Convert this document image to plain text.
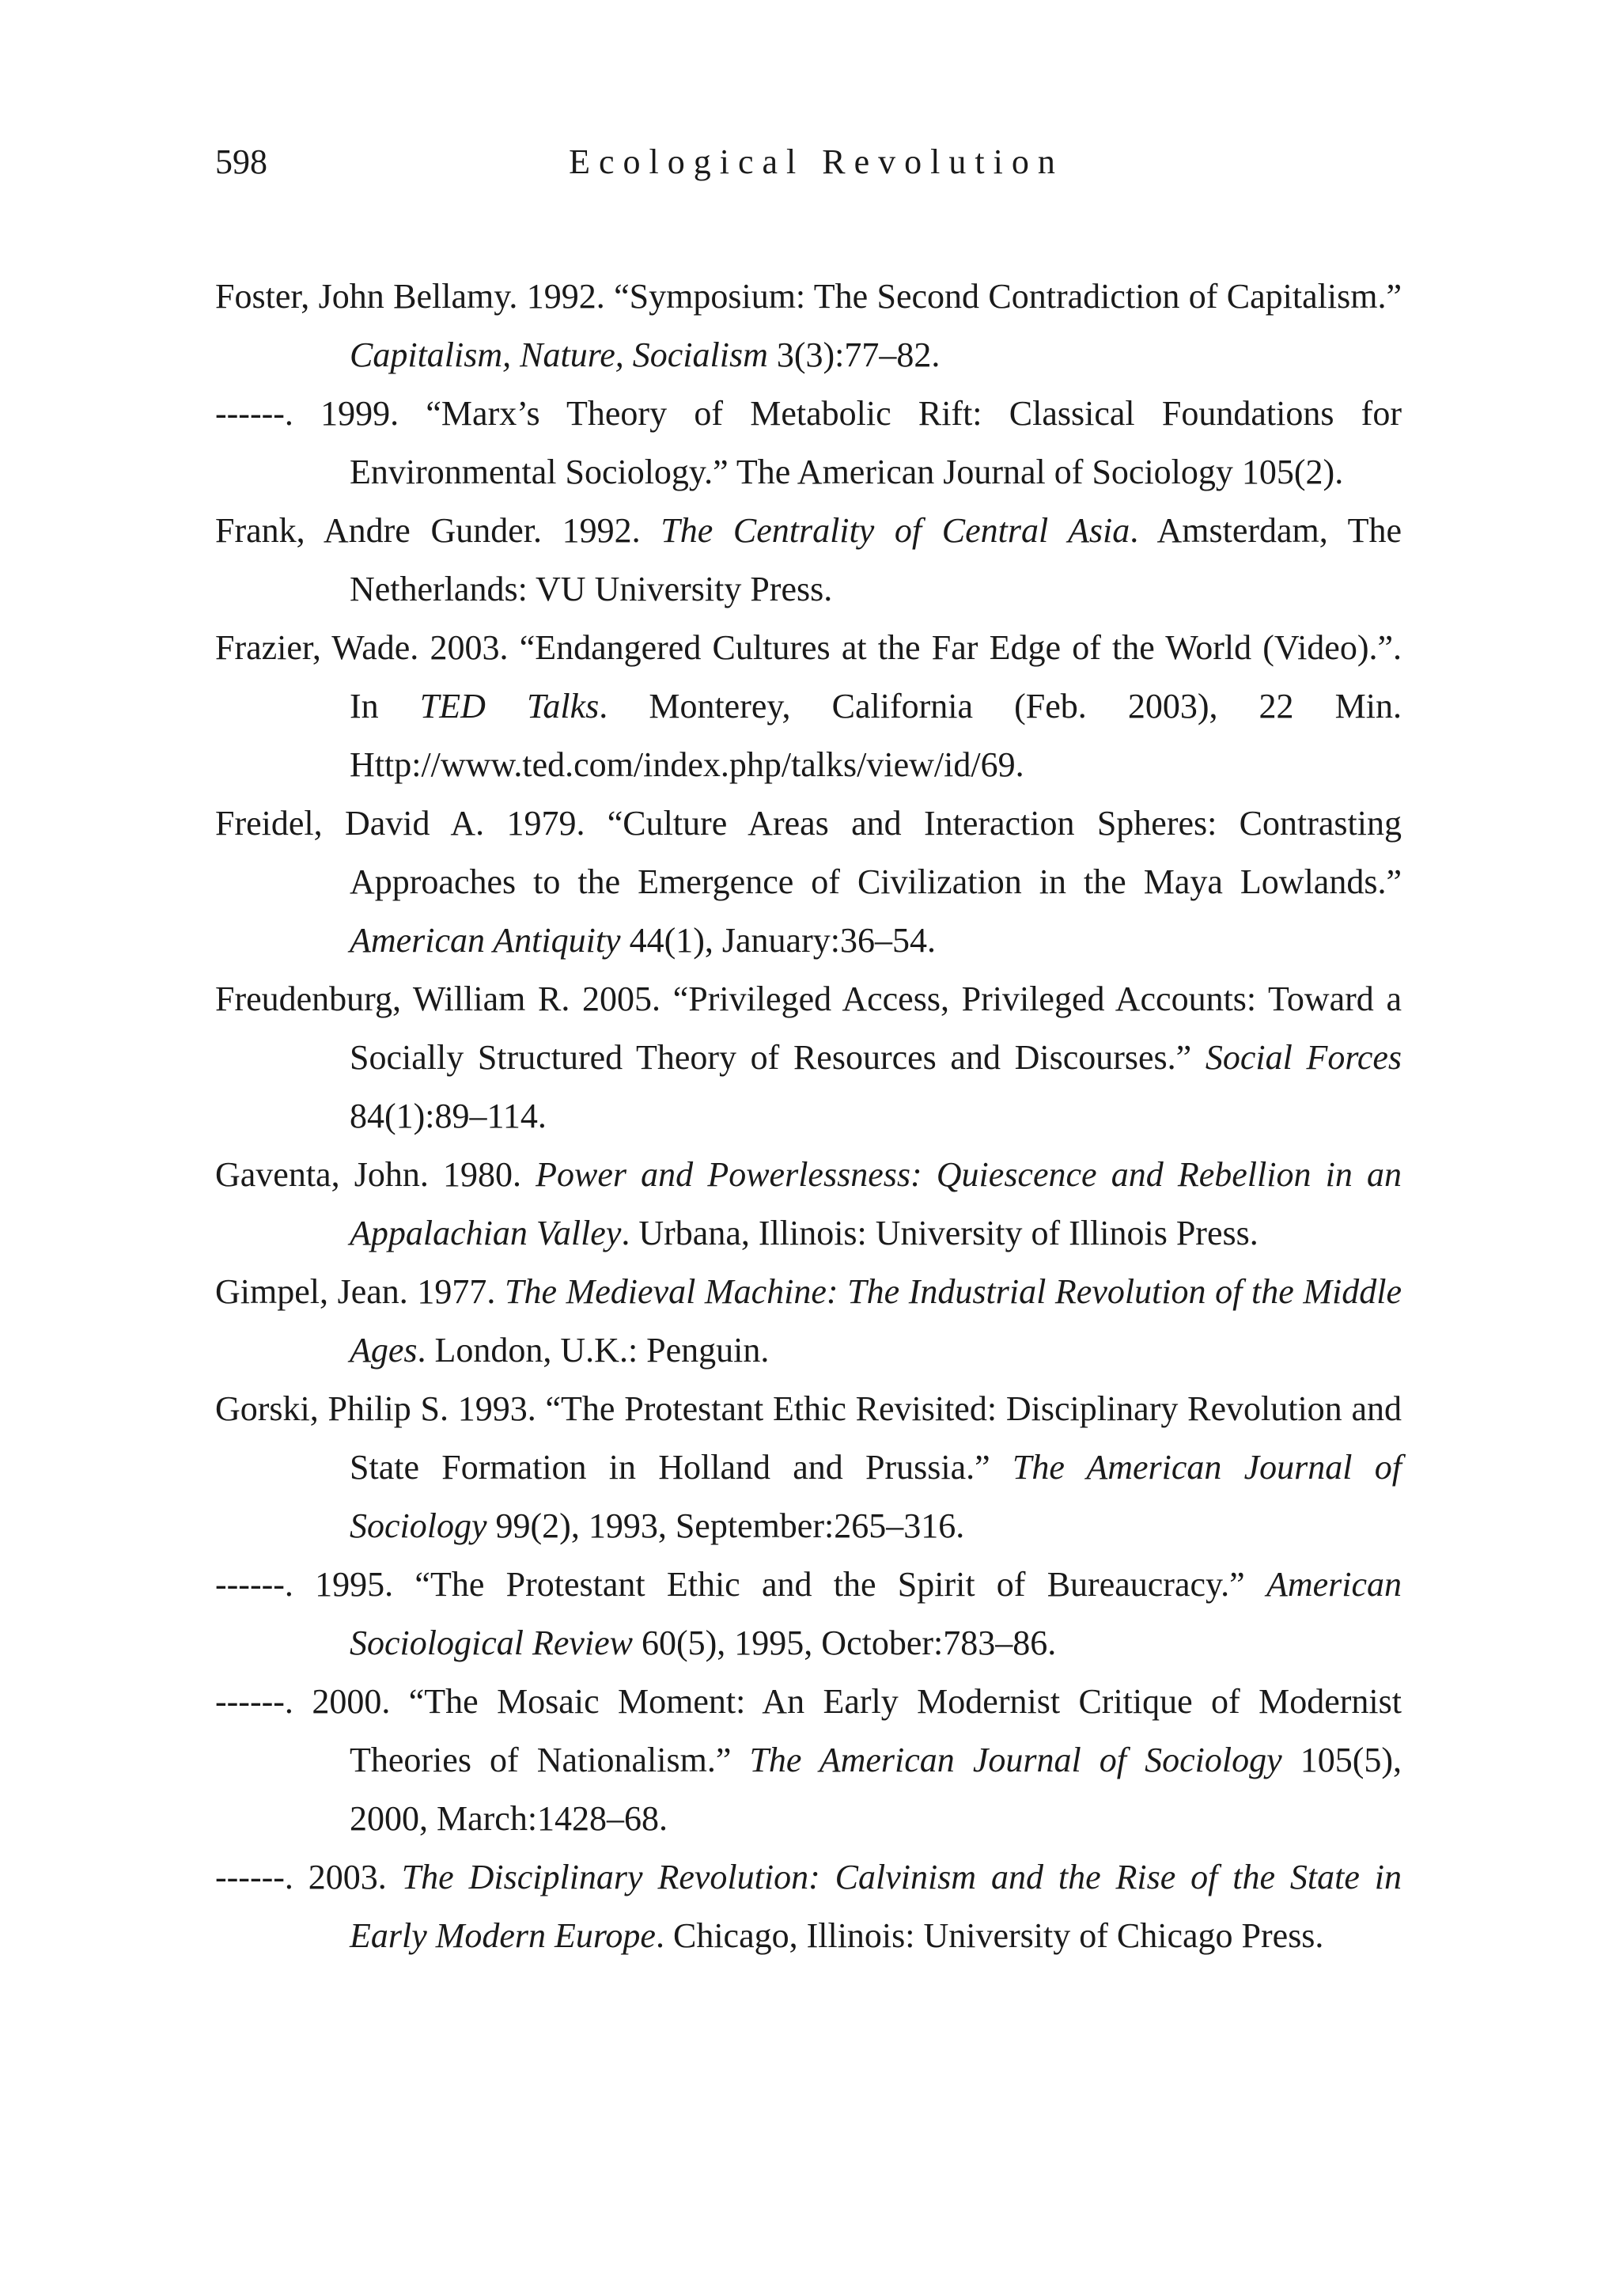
598	Ecological Revolution

Foster, John Bellamy. 1992. “Symposium: The Second Contradiction of Capitalism.” Capitalism, Nature, Socialism 3(3):77–82.

------. 1999. “Marx’s Theory of Metabolic Rift: Classical Foundations for Environmental Sociology.” The American Journal of Sociology 105(2).

Frank, Andre Gunder. 1992. The Centrality of Central Asia. Amsterdam, The Netherlands: VU University Press.

Frazier, Wade. 2003. “Endangered Cultures at the Far Edge of the World (Video).”. In TED Talks. Monterey, California (Feb. 2003), 22 Min. Http://www.ted.com/index.php/talks/view/id/69.

Freidel, David A. 1979. “Culture Areas and Interaction Spheres: Contrasting Approaches to the Emergence of Civilization in the Maya Lowlands.” American Antiquity 44(1), January:36–54.

Freudenburg, William R. 2005. “Privileged Access, Privileged Accounts: Toward a Socially Structured Theory of Resources and Discourses.” Social Forces 84(1):89–114.

Gaventa, John. 1980. Power and Powerlessness: Quiescence and Rebellion in an Appalachian Valley. Urbana, Illinois: University of Illinois Press.

Gimpel, Jean. 1977. The Medieval Machine: The Industrial Revolution of the Middle Ages. London, U.K.: Penguin.

Gorski, Philip S. 1993. “The Protestant Ethic Revisited: Disciplinary Revolution and State Formation in Holland and Prussia.” The American Journal of Sociology 99(2), 1993, September:265–316.

------. 1995. “The Protestant Ethic and the Spirit of Bureaucracy.” American Sociological Review 60(5), 1995, October:783–86.

------. 2000. “The Mosaic Moment: An Early Modernist Critique of Modernist Theories of Nationalism.” The American Journal of Sociology 105(5), 2000, March:1428–68.

------. 2003. The Disciplinary Revolution: Calvinism and the Rise of the State in Early Modern Europe. Chicago, Illinois: University of Chicago Press.
